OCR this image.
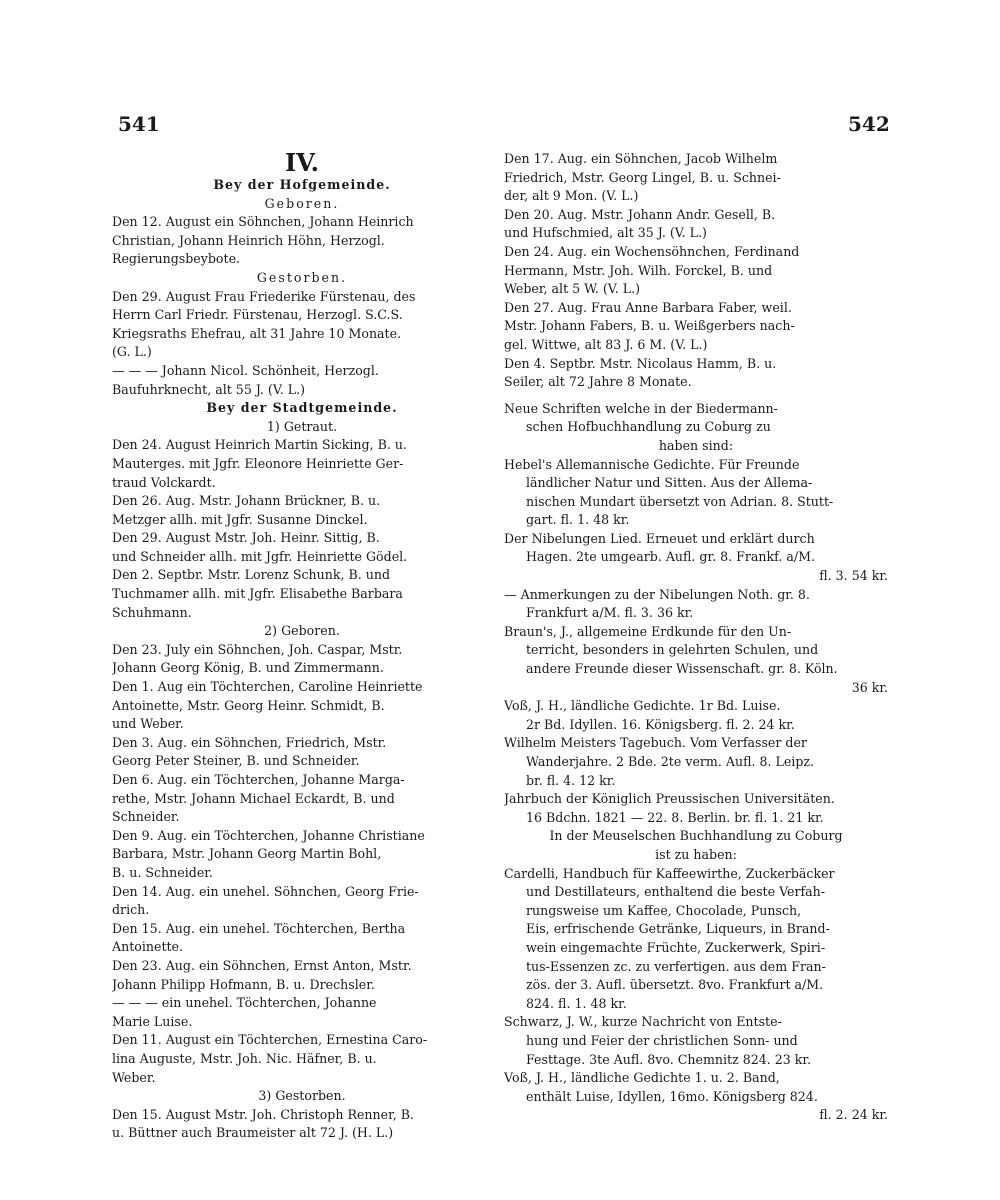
541	542
IV.
Bey der Hofgemeinde.
Geboren.
Den 12. August ein Söhnchen, Johann Heinrich
Christian, Johann Heinrich Höhn, Herzogl.
Regierungsbeybote.
Gestorben.
Den 29. August Frau Friederike Fürstenau, des
Herrn Carl Friedr. Fürstenau, Herzogl. S.C.S.
Kriegsraths Ehefrau, alt 31 Jahre 10 Monate.
(G. L.)
— — — Johann Nicol. Schönheit, Herzogl.
Baufuhrknecht, alt 55 J. (V. L.)
Bey der Stadtgemeinde.
1) Getraut.
Den 24. August Heinrich Martin Sicking, B. u.
Mauterges. mit Jgfr. Eleonore Heinriette Ger-
traud Volckardt.
Den 26. Aug. Mstr. Johann Brückner, B. u.
Metzger allh. mit Jgfr. Susanne Dinckel.
Den 29. August Mstr. Joh. Heinr. Sittig, B.
und Schneider allh. mit Jgfr. Heinriette Gödel.
Den 2. Septbr. Mstr. Lorenz Schunk, B. und
Tuchmamer allh. mit Jgfr. Elisabethe Barbara
Schuhmann.
2) Geboren.
Den 23. July ein Söhnchen, Joh. Caspar, Mstr.
Johann Georg König, B. und Zimmermann.
Den 1. Aug ein Töchterchen, Caroline Heinriette
Antoinette, Mstr. Georg Heinr. Schmidt, B.
und Weber.
Den 3. Aug. ein Söhnchen, Friedrich, Mstr.
Georg Peter Steiner, B. und Schneider.
Den 6. Aug. ein Töchterchen, Johanne Marga-
rethe, Mstr. Johann Michael Eckardt, B. und
Schneider.
Den 9. Aug. ein Töchterchen, Johanne Christiane
Barbara, Mstr. Johann Georg Martin Bohl,
B. u. Schneider.
Den 14. Aug. ein unehel. Söhnchen, Georg Frie-
drich.
Den 15. Aug. ein unehel. Töchterchen, Bertha
Antoinette.
Den 23. Aug. ein Söhnchen, Ernst Anton, Mstr.
Johann Philipp Hofmann, B. u. Drechsler.
— — — ein unehel. Töchterchen, Johanne
Marie Luise.
Den 11. August ein Töchterchen, Ernestina Caro-
lina Auguste, Mstr. Joh. Nic. Häfner, B. u.
Weber.
3) Gestorben.
Den 15. August Mstr. Joh. Christoph Renner, B.
u. Büttner auch Braumeister alt 72 J. (H. L.)
Den 17. Aug. ein Söhnchen, Jacob Wilhelm
Friedrich, Mstr. Georg Lingel, B. u. Schnei-
der, alt 9 Mon. (V. L.)
Den 20. Aug. Mstr. Johann Andr. Gesell, B.
und Hufschmied, alt 35 J. (V. L.)
Den 24. Aug. ein Wochensöhnchen, Ferdinand
Hermann, Mstr. Joh. Wilh. Forckel, B. und
Weber, alt 5 W. (V. L.)
Den 27. Aug. Frau Anne Barbara Faber, weil.
Mstr. Johann Fabers, B. u. Weißgerbers nach-
gel. Wittwe, alt 83 J. 6 M. (V. L.)
Den 4. Septbr. Mstr. Nicolaus Hamm, B. u.
Seiler, alt 72 Jahre 8 Monate.
Neue Schriften welche in der Biedermann-
schen Hofbuchhandlung zu Coburg zu
haben sind:
Hebel's Allemannische Gedichte. Für Freunde
ländlicher Natur und Sitten. Aus der Allema-
nischen Mundart übersetzt von Adrian. 8. Stutt-
gart. fl. 1. 48 kr.
Der Nibelungen Lied. Erneuet und erklärt durch
Hagen. 2te umgearb. Aufl. gr. 8. Frankf. a/M.
fl. 3. 54 kr.
— Anmerkungen zu der Nibelungen Noth. gr. 8.
Frankfurt a/M. fl. 3. 36 kr.
Braun's, J., allgemeine Erdkunde für den Un-
terricht, besonders in gelehrten Schulen, und
andere Freunde dieser Wissenschaft. gr. 8. Köln.
36 kr.
Voß, J. H., ländliche Gedichte. 1r Bd. Luise.
2r Bd. Idyllen. 16. Königsberg. fl. 2. 24 kr.
Wilhelm Meisters Tagebuch. Vom Verfasser der
Wanderjahre. 2 Bde. 2te verm. Aufl. 8. Leipz.
br. fl. 4. 12 kr.
Jahrbuch der Königlich Preussischen Universitäten.
16 Bdchn. 1821 — 22. 8. Berlin. br. fl. 1. 21 kr.
In der Meuselschen Buchhandlung zu Coburg
ist zu haben:
Cardelli, Handbuch für Kaffeewirthe, Zuckerbäcker
und Destillateurs, enthaltend die beste Verfah-
rungsweise um Kaffee, Chocolade, Punsch,
Eis, erfrischende Getränke, Liqueurs, in Brand-
wein eingemachte Früchte, Zuckerwerk, Spiri-
tus-Essenzen zc. zu verfertigen. aus dem Fran-
zös. der 3. Aufl. übersetzt. 8vo. Frankfurt a/M.
824. fl. 1. 48 kr.
Schwarz, J. W., kurze Nachricht von Entste-
hung und Feier der christlichen Sonn- und
Festtage. 3te Aufl. 8vo. Chemnitz 824. 23 kr.
Voß, J. H., ländliche Gedichte 1. u. 2. Band,
enthält Luise, Idyllen, 16mo. Königsberg 824.
fl. 2. 24 kr.
